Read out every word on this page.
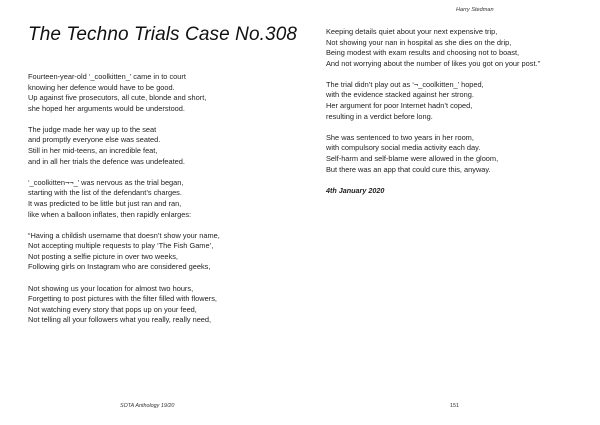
The Techno Trials Case No.308
Fourteen-year-old ‘_coolkitten_’ came in to court
knowing her defence would have to be good.
Up against five prosecutors, all cute, blonde and short,
she hoped her arguments would be understood.
The judge made her way up to the seat
and promptly everyone else was seated.
Still in her mid-teens, an incredible feat,
and in all her trials the defence was undefeated.
‘_coolkitten¬¬_’ was nervous as the trial began,
starting with the list of the defendant’s charges.
It was predicted to be little but just ran and ran,
like when a balloon inflates, then rapidly enlarges:
“Having a childish username that doesn’t show your name,
Not accepting multiple requests to play ‘The Fish Game’,
Not posting a selfie picture in over two weeks,
Following girls on Instagram who are considered geeks,
Not showing us your location for almost two hours,
Forgetting to post pictures with the filter filled with flowers,
Not watching every story that pops up on your feed,
Not telling all your followers what you really, really need,
SOTA Anthology 19/20
Harry Stedman
Keeping details quiet about your next expensive trip,
Not showing your nan in hospital as she dies on the drip,
Being modest with exam results and choosing not to boast,
And not worrying about the number of likes you got on your post.”
The trial didn’t play out as ‘¬_coolkitten_’ hoped,
with the evidence stacked against her strong.
Her argument for poor Internet hadn’t coped,
resulting in a verdict before long.
She was sentenced to two years in her room,
with compulsory social media activity each day.
Self-harm and self-blame were allowed in the gloom,
But there was an app that could cure this, anyway.
4th January 2020
151
